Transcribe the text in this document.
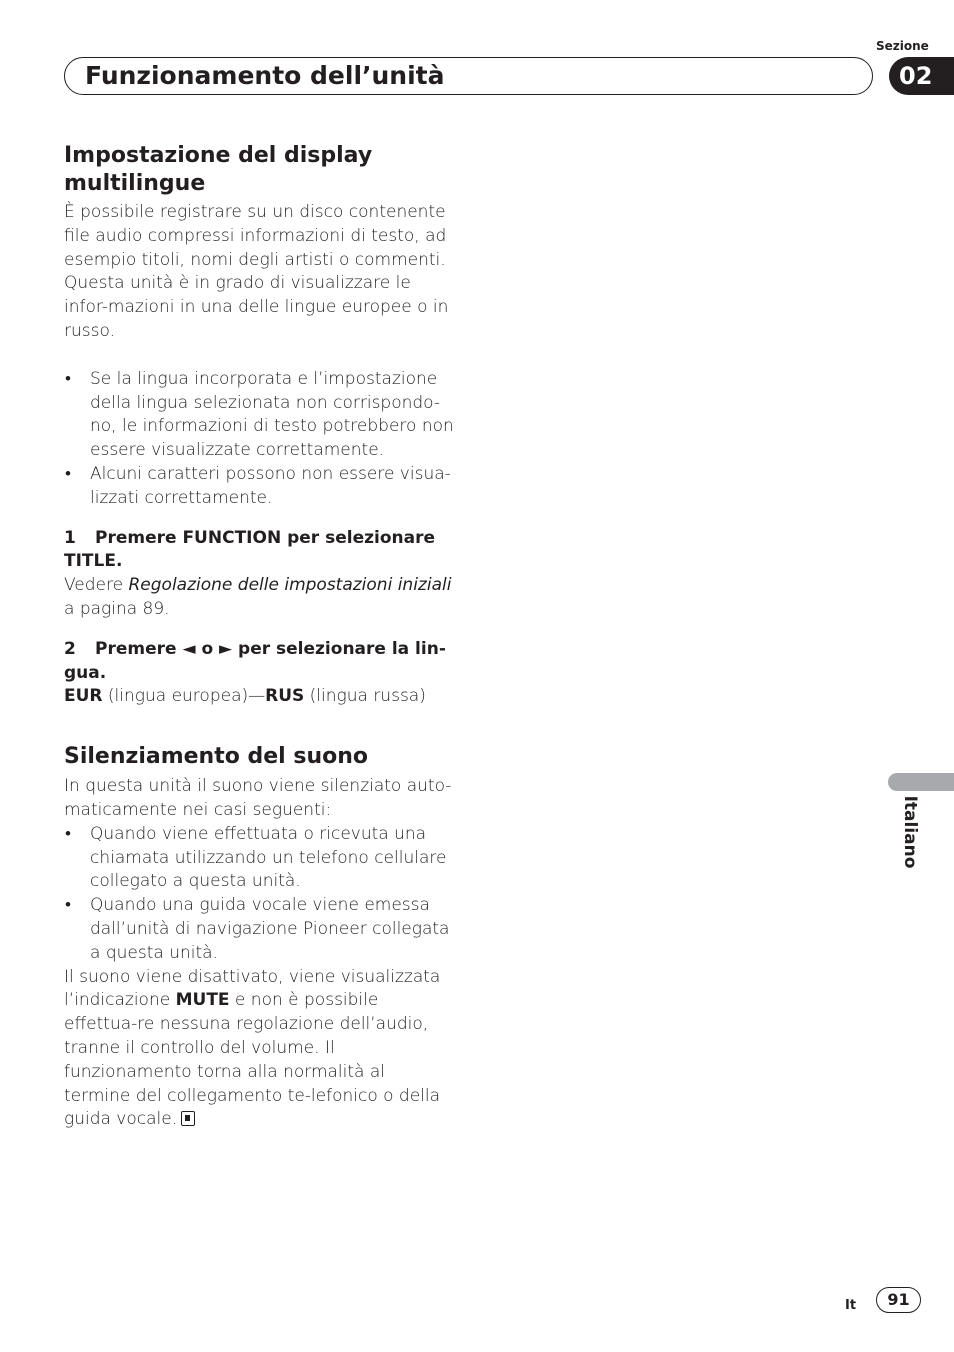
Sezione
Funzionamento dell’unità	02
Impostazione del display
multilingue

È possibile registrare su un disco contenente file audio compressi informazioni di testo, ad esempio titoli, nomi degli artisti o commenti. Questa unità è in grado di visualizzare le infor-mazioni in una delle lingue europee o in russo.

• Se la lingua incorporata e l’impostazione della lingua selezionata non corrispondo-no, le informazioni di testo potrebbero non essere visualizzate correttamente.
• Alcuni caratteri possono non essere visua-lizzati correttamente.
1 Premere FUNCTION per selezionare
TITLE.

Vedere Regolazione delle impostazioni iniziali a pagina 89.

2 Premere ◄ o ► per selezionare la lin-
gua.

EUR (lingua europea)—RUS (lingua russa)

Silenziamento del suono

In questa unità il suono viene silenziato auto-maticamente nei casi seguenti:

• Quando viene effettuata o ricevuta una chiamata utilizzando un telefono cellulare collegato a questa unità.
• Quando una guida vocale viene emessa dall’unità di navigazione Pioneer collegata a questa unità.

Il suono viene disattivato, viene visualizzata l’indicazione MUTE e non è possibile effettua-re nessuna regolazione dell’audio, tranne il controllo del volume. Il funzionamento torna alla normalità al termine del collegamento te-lefonico o della guida vocale.

Italiano
It	91
